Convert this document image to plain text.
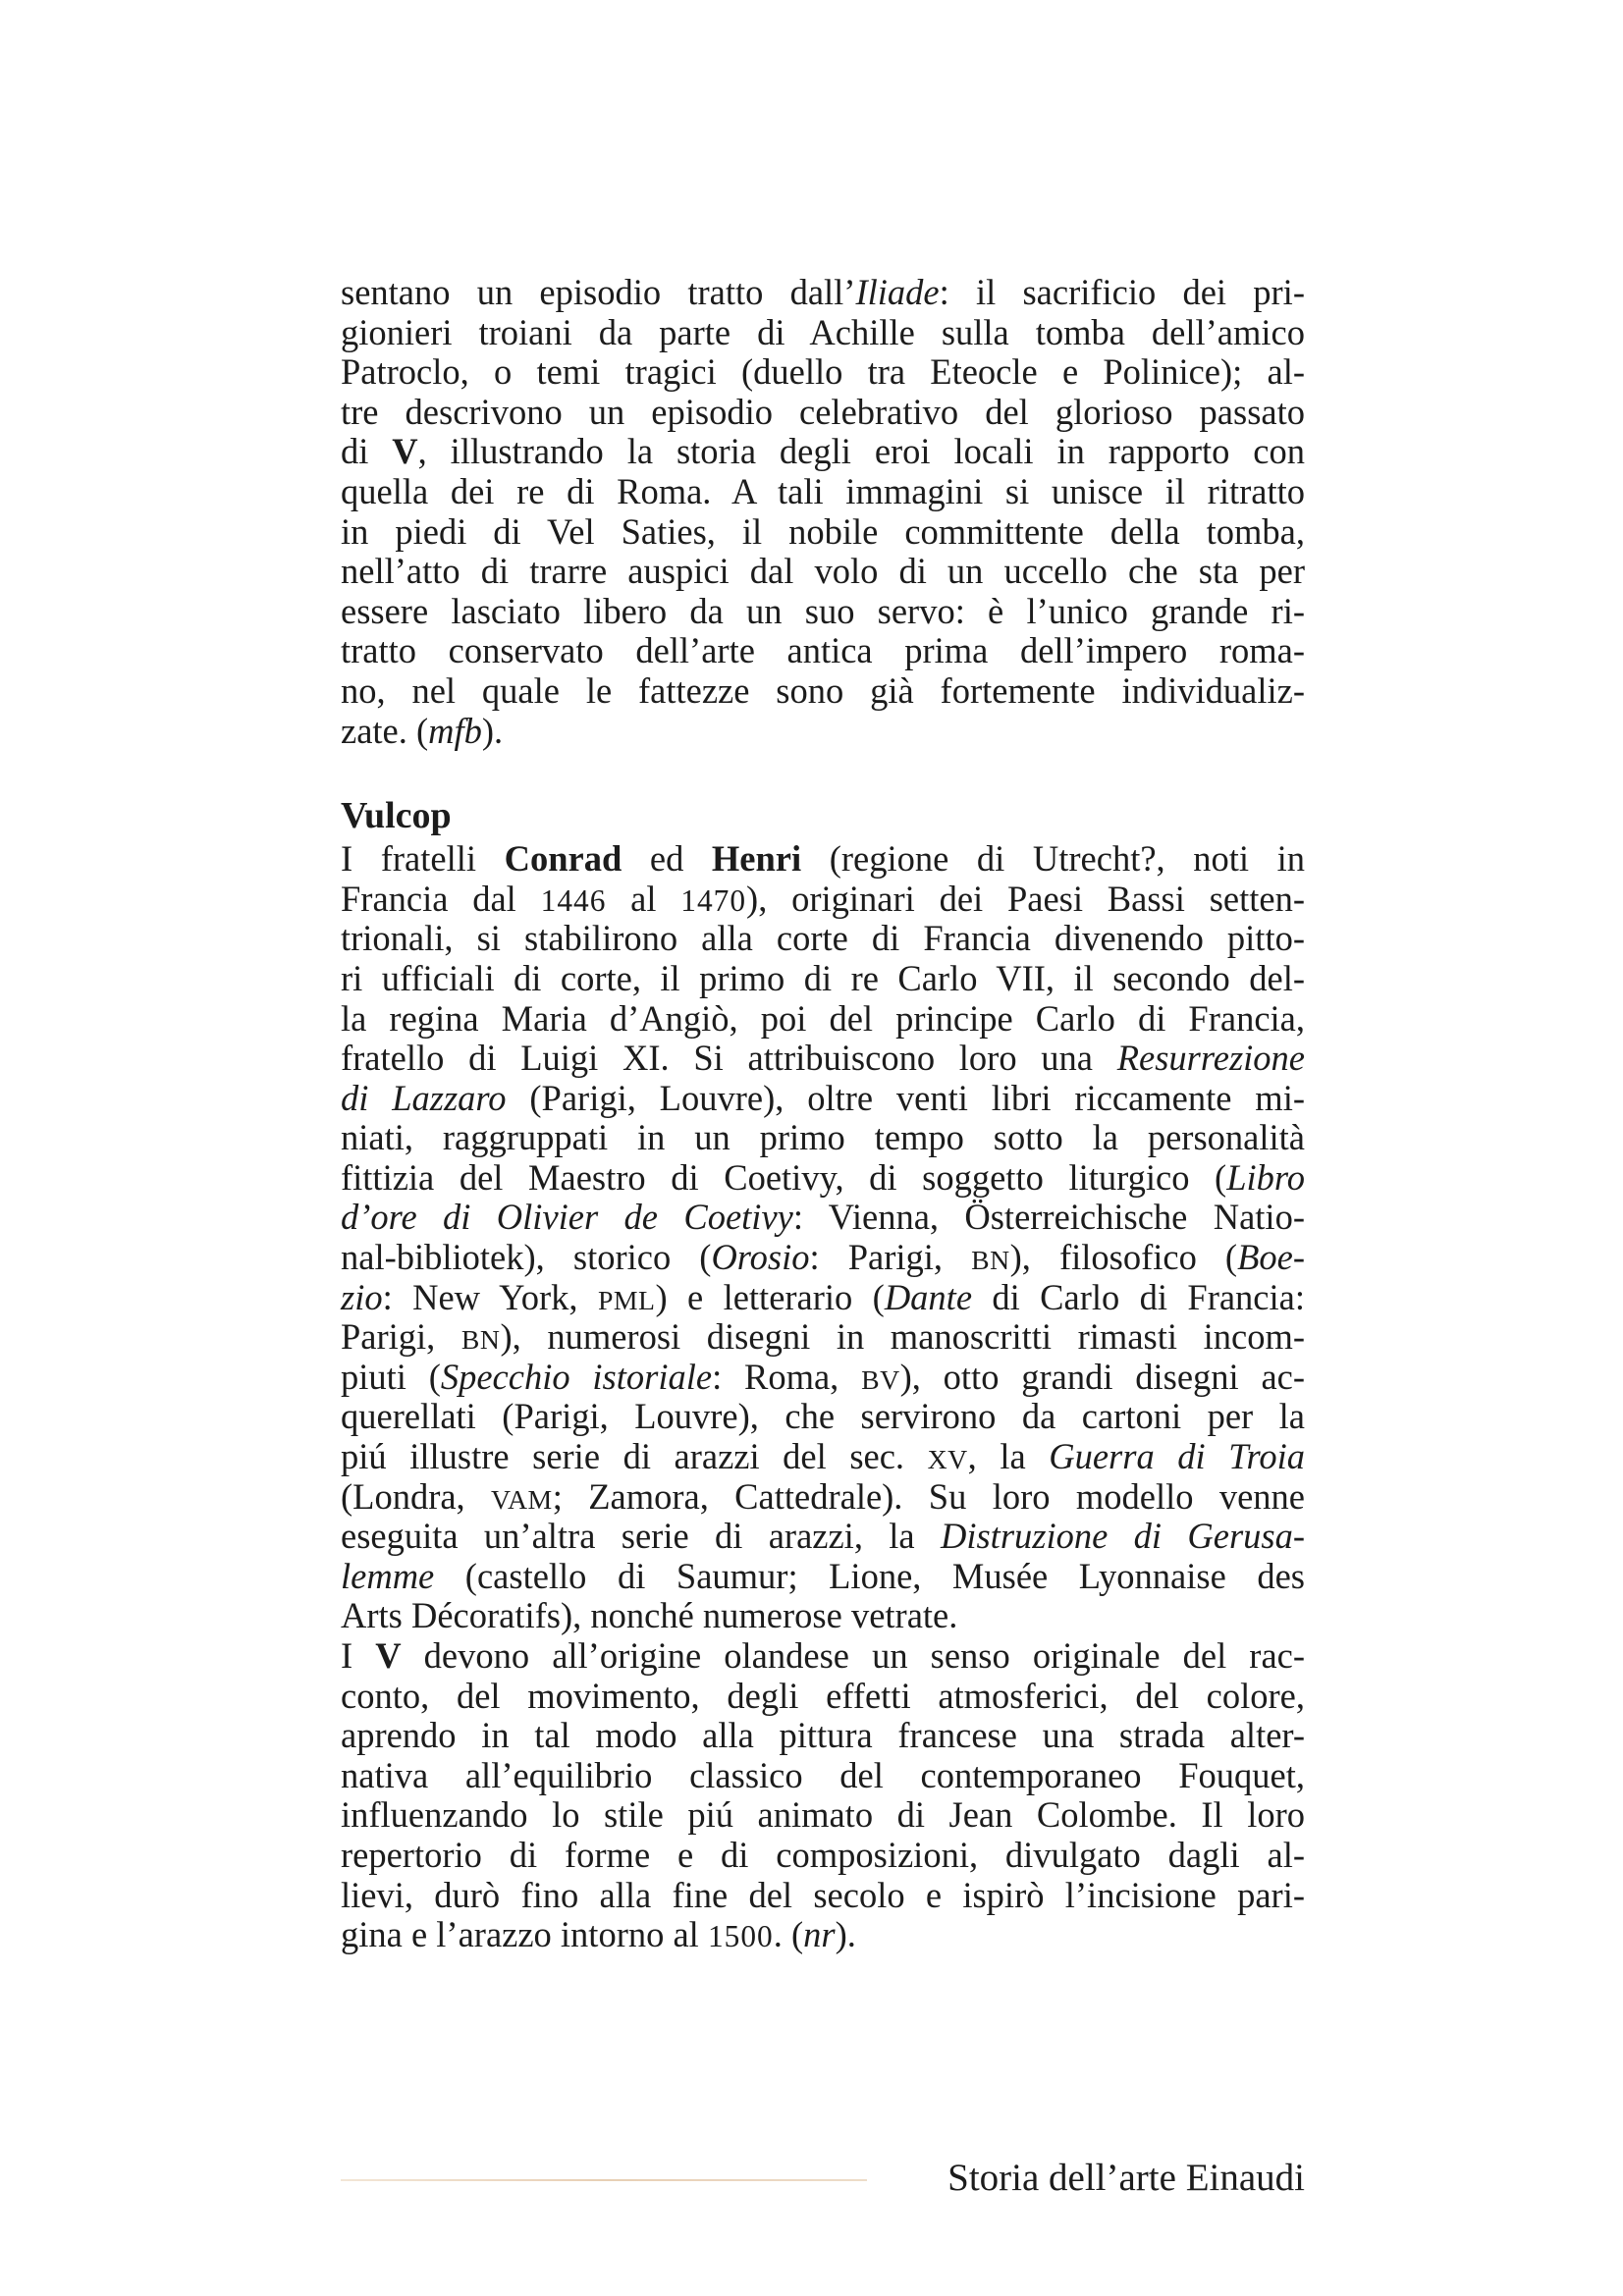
sentano un episodio tratto dall’Iliade: il sacrificio dei pri-
gionieri troiani da parte di Achille sulla tomba dell’amico
Patroclo, o temi tragici (duello tra Eteocle e Polinice); al-
tre descrivono un episodio celebrativo del glorioso passato
di V, illustrando la storia degli eroi locali in rapporto con
quella dei re di Roma. A tali immagini si unisce il ritratto
in piedi di Vel Saties, il nobile committente della tomba,
nell’atto di trarre auspici dal volo di un uccello che sta per
essere lasciato libero da un suo servo: è l’unico grande ri-
tratto conservato dell’arte antica prima dell’impero roma-
no, nel quale le fattezze sono già fortemente individualiz-
zate. (mfb).
Vulcop
I fratelli Conrad ed Henri (regione di Utrecht?, noti in
Francia dal 1446 al 1470), originari dei Paesi Bassi setten-
trionali, si stabilirono alla corte di Francia divenendo pitto-
ri ufficiali di corte, il primo di re Carlo VII, il secondo del-
la regina Maria d’Angiò, poi del principe Carlo di Francia,
fratello di Luigi XI. Si attribuiscono loro una Resurrezione
di Lazzaro (Parigi, Louvre), oltre venti libri riccamente mi-
niati, raggruppati in un primo tempo sotto la personalità
fittizia del Maestro di Coetivy, di soggetto liturgico (Libro
d’ore di Olivier de Coetivy: Vienna, Österreichische Natio-
nal-bibliotek), storico (Orosio: Parigi, BN), filosofico (Boe-
zio: New York, PML) e letterario (Dante di Carlo di Francia:
Parigi, BN), numerosi disegni in manoscritti rimasti incom-
piuti (Specchio istoriale: Roma, BV), otto grandi disegni ac-
querellati (Parigi, Louvre), che servirono da cartoni per la
piú illustre serie di arazzi del sec. XV, la Guerra di Troia
(Londra, VAM; Zamora, Cattedrale). Su loro modello venne
eseguita un’altra serie di arazzi, la Distruzione di Gerusa-
lemme (castello di Saumur; Lione, Musée Lyonnaise des
Arts Décoratifs), nonché numerose vetrate.
I V devono all’origine olandese un senso originale del rac-
conto, del movimento, degli effetti atmosferici, del colore,
aprendo in tal modo alla pittura francese una strada alter-
nativa all’equilibrio classico del contemporaneo Fouquet,
influenzando lo stile piú animato di Jean Colombe. Il loro
repertorio di forme e di composizioni, divulgato dagli al-
lievi, durò fino alla fine del secolo e ispirò l’incisione pari-
gina e l’arazzo intorno al 1500. (nr).
Storia dell’arte Einaudi
